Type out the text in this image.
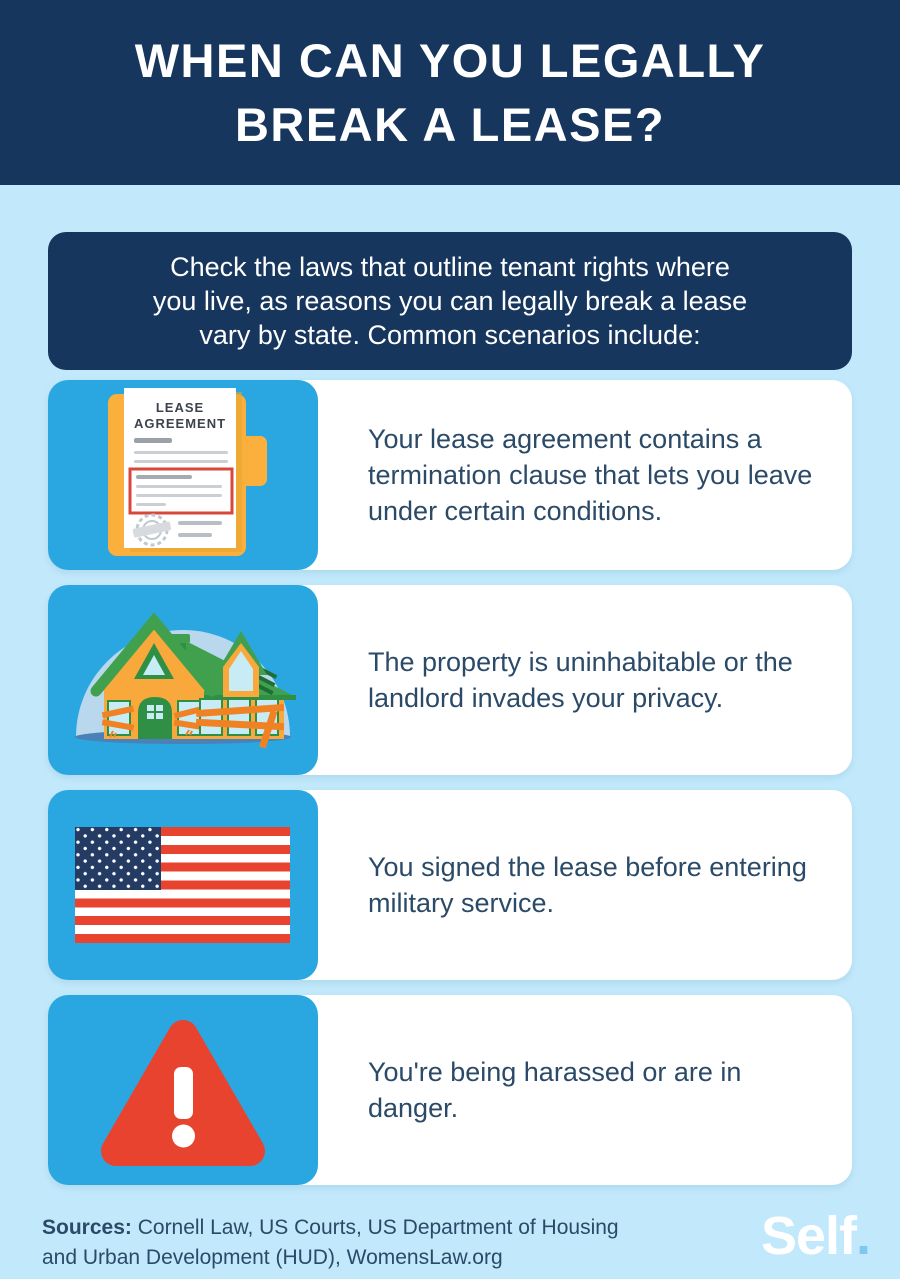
WHEN CAN YOU LEGALLY
BREAK A LEASE?
Check the laws that outline tenant rights where
you live, as reasons you can legally break a lease
vary by state. Common scenarios include:
LEASE
AGREEMENT

Your lease agreement contains a termination clause that lets you leave under certain conditions.

The property is uninhabitable or the landlord invades your privacy.

You signed the lease before entering military service.

You're being harassed or are in danger.

Sources: Cornell Law, US Courts, US Department of Housing and Urban Development (HUD), WomensLaw.org	Self.
